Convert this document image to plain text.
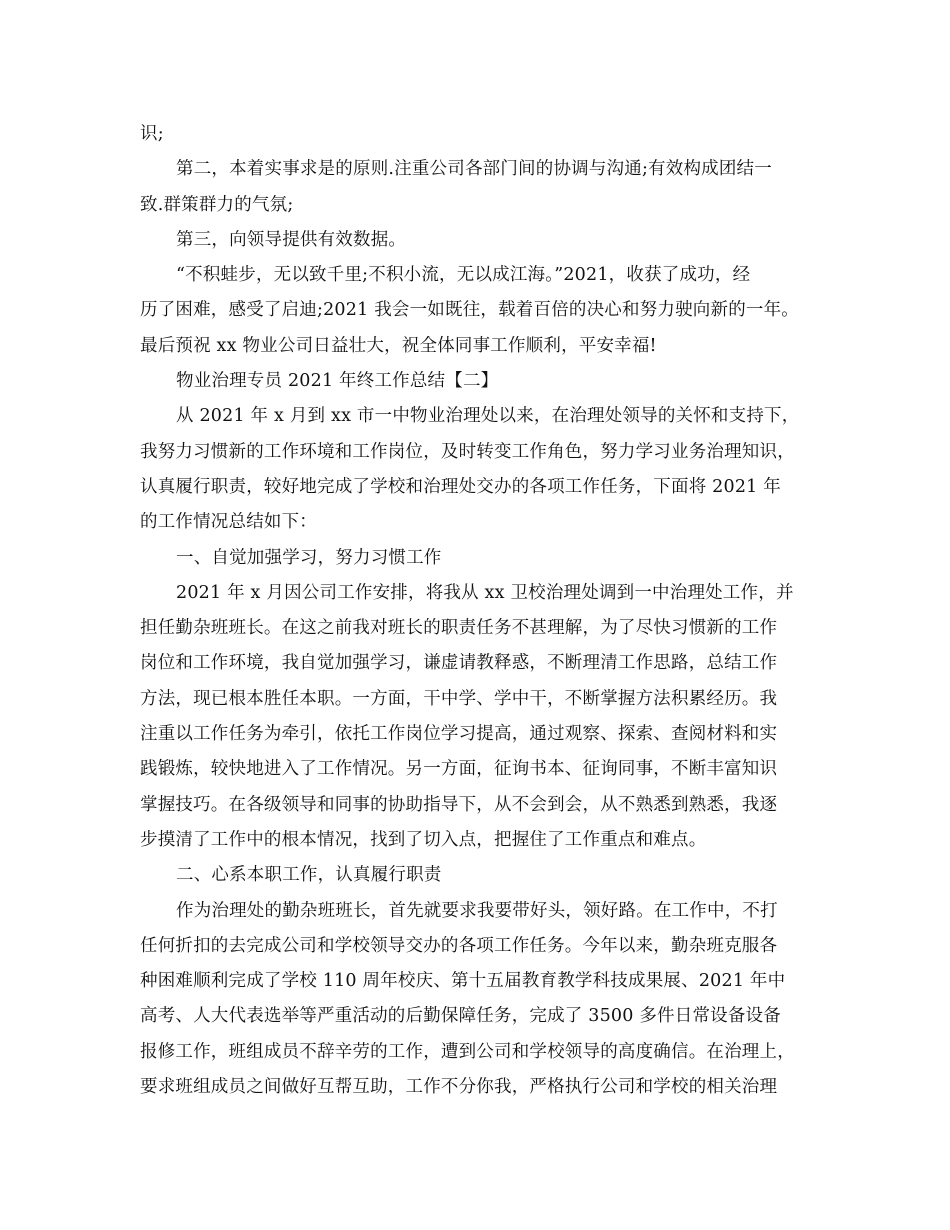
识;
第二，本着实事求是的原则.注重公司各部门间的协调与沟通;有效构成团结一
致.群策群力的气氛;
第三，向领导提供有效数据。
“不积蛙步，无以致千里;不积小流，无以成江海。”2021，收获了成功，经
历了困难，感受了启迪;2021 我会一如既往，载着百倍的决心和努力驶向新的一年。
最后预祝 xx 物业公司日益壮大，祝全体同事工作顺利，平安幸福!
物业治理专员 2021 年终工作总结【二】
从 2021 年 x 月到 xx 市一中物业治理处以来，在治理处领导的关怀和支持下，
我努力习惯新的工作环境和工作岗位，及时转变工作角色，努力学习业务治理知识，
认真履行职责，较好地完成了学校和治理处交办的各项工作任务，下面将 2021 年
的工作情况总结如下：
一、自觉加强学习，努力习惯工作
2021 年 x 月因公司工作安排，将我从 xx 卫校治理处调到一中治理处工作，并
担任勤杂班班长。在这之前我对班长的职责任务不甚理解，为了尽快习惯新的工作
岗位和工作环境，我自觉加强学习，谦虚请教释惑，不断理清工作思路，总结工作
方法，现已根本胜任本职。一方面，干中学、学中干，不断掌握方法积累经历。我
注重以工作任务为牵引，依托工作岗位学习提高，通过观察、探索、查阅材料和实
践锻炼，较快地进入了工作情况。另一方面，征询书本、征询同事，不断丰富知识
掌握技巧。在各级领导和同事的协助指导下，从不会到会，从不熟悉到熟悉，我逐
步摸清了工作中的根本情况，找到了切入点，把握住了工作重点和难点。
二、心系本职工作，认真履行职责
作为治理处的勤杂班班长，首先就要求我要带好头，领好路。在工作中，不打
任何折扣的去完成公司和学校领导交办的各项工作任务。今年以来，勤杂班克服各
种困难顺利完成了学校 110 周年校庆、第十五届教育教学科技成果展、2021 年中
高考、人大代表选举等严重活动的后勤保障任务，完成了 3500 多件日常设备设备
报修工作，班组成员不辞辛劳的工作，遭到公司和学校领导的高度确信。在治理上，
要求班组成员之间做好互帮互助，工作不分你我，严格执行公司和学校的相关治理
